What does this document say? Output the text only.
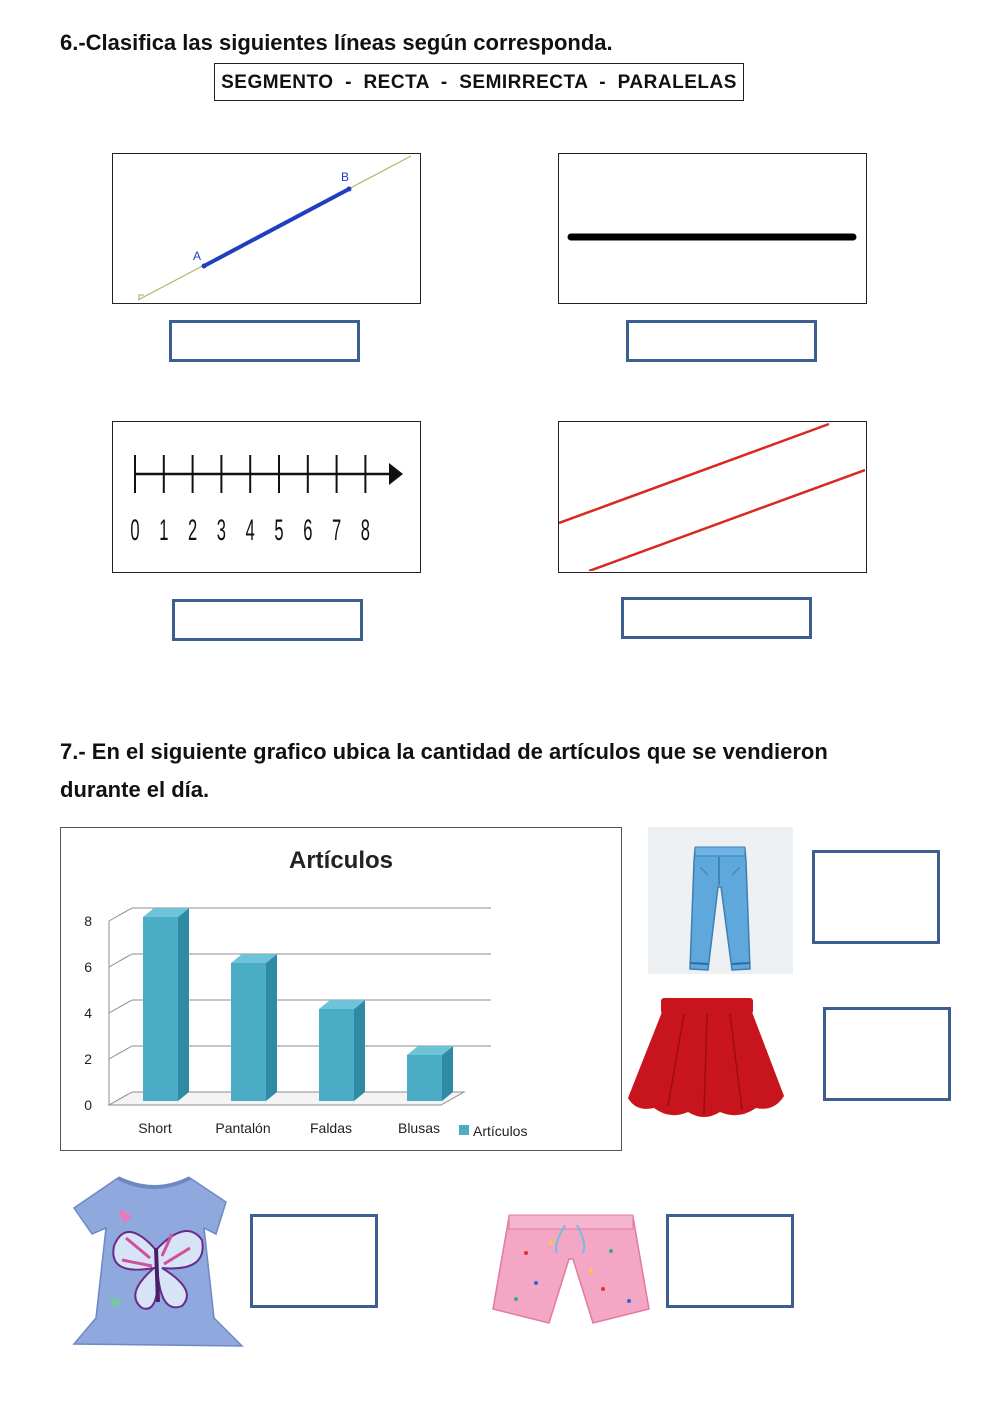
6.-Clasifica las siguientes líneas según corresponda.
SEGMENTO  -  RECTA  -  SEMIRRECTA  -  PARALELAS
A
B
0 1 2 3 4 5 6 7 8
7.- En el siguiente grafico ubica la cantidad de artículos que se vendieron
durante el día.
Artículos
0
2
4
6
8
Short	Pantalón	Faldas	Blusas Artículos
